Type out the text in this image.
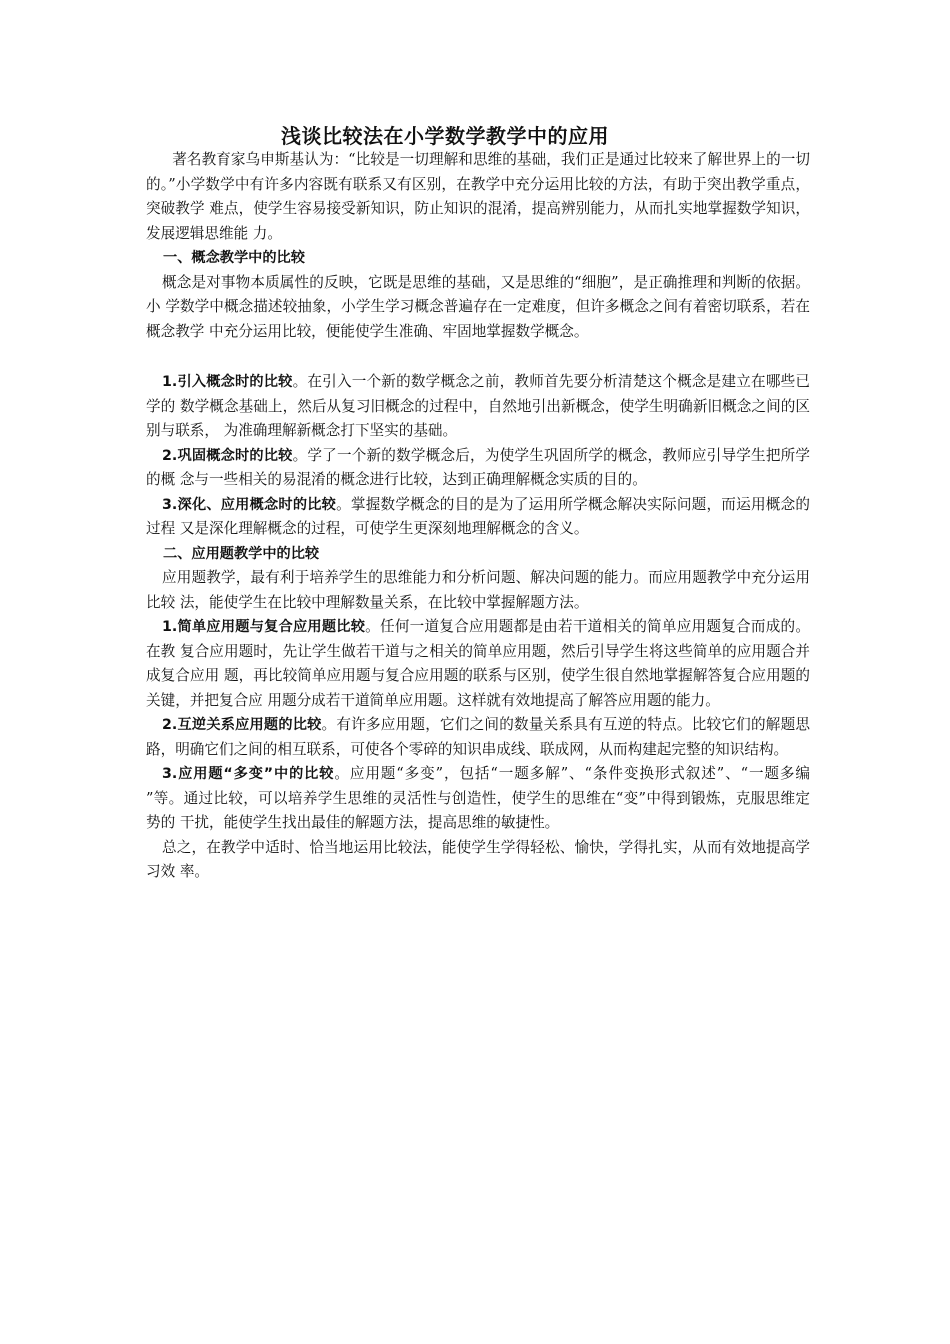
浅谈比较法在小学数学教学中的应用

著名教育家乌申斯基认为：“比较是一切理解和思维的基础，我们正是通过比较来了解世界上的一切的。”小学数学中有许多内容既有联系又有区别，在教学中充分运用比较的方法，有助于突出教学重点，突破教学 难点，使学生容易接受新知识，防止知识的混淆，提高辨别能力，从而扎实地掌握数学知识，发展逻辑思维能 力。

一、概念教学中的比较

概念是对事物本质属性的反映，它既是思维的基础，又是思维的“细胞”，是正确推理和判断的依据。小 学数学中概念描述较抽象，小学生学习概念普遍存在一定难度，但许多概念之间有着密切联系，若在概念教学 中充分运用比较，便能使学生准确、牢固地掌握数学概念。

1.引入概念时的比较。在引入一个新的数学概念之前，教师首先要分析清楚这个概念是建立在哪些已学的 数学概念基础上，然后从复习旧概念的过程中，自然地引出新概念，使学生明确新旧概念之间的区别与联系， 为准确理解新概念打下坚实的基础。

2.巩固概念时的比较。学了一个新的数学概念后，为使学生巩固所学的概念，教师应引导学生把所学的概 念与一些相关的易混淆的概念进行比较，达到正确理解概念实质的目的。

3.深化、应用概念时的比较。掌握数学概念的目的是为了运用所学概念解决实际问题，而运用概念的过程 又是深化理解概念的过程，可使学生更深刻地理解概念的含义。

二、应用题教学中的比较

应用题教学，最有利于培养学生的思维能力和分析问题、解决问题的能力。而应用题教学中充分运用比较 法，能使学生在比较中理解数量关系，在比较中掌握解题方法。

1.简单应用题与复合应用题比较。任何一道复合应用题都是由若干道相关的简单应用题复合而成的。在教 复合应用题时，先让学生做若干道与之相关的简单应用题，然后引导学生将这些简单的应用题合并成复合应用 题，再比较简单应用题与复合应用题的联系与区别，使学生很自然地掌握解答复合应用题的关键，并把复合应 用题分成若干道简单应用题。这样就有效地提高了解答应用题的能力。

2.互逆关系应用题的比较。有许多应用题，它们之间的数量关系具有互逆的特点。比较它们的解题思路，明确它们之间的相互联系，可使各个零碎的知识串成线、联成网，从而构建起完整的知识结构。

3.应用题“多变”中的比较。应用题“多变”，包括“一题多解”、“条件变换形式叙述”、“一题多编 ”等。通过比较，可以培养学生思维的灵活性与创造性，使学生的思维在“变”中得到锻炼，克服思维定势的 干扰，能使学生找出最佳的解题方法，提高思维的敏捷性。

总之，在教学中适时、恰当地运用比较法，能使学生学得轻松、愉快，学得扎实，从而有效地提高学习效 率。
